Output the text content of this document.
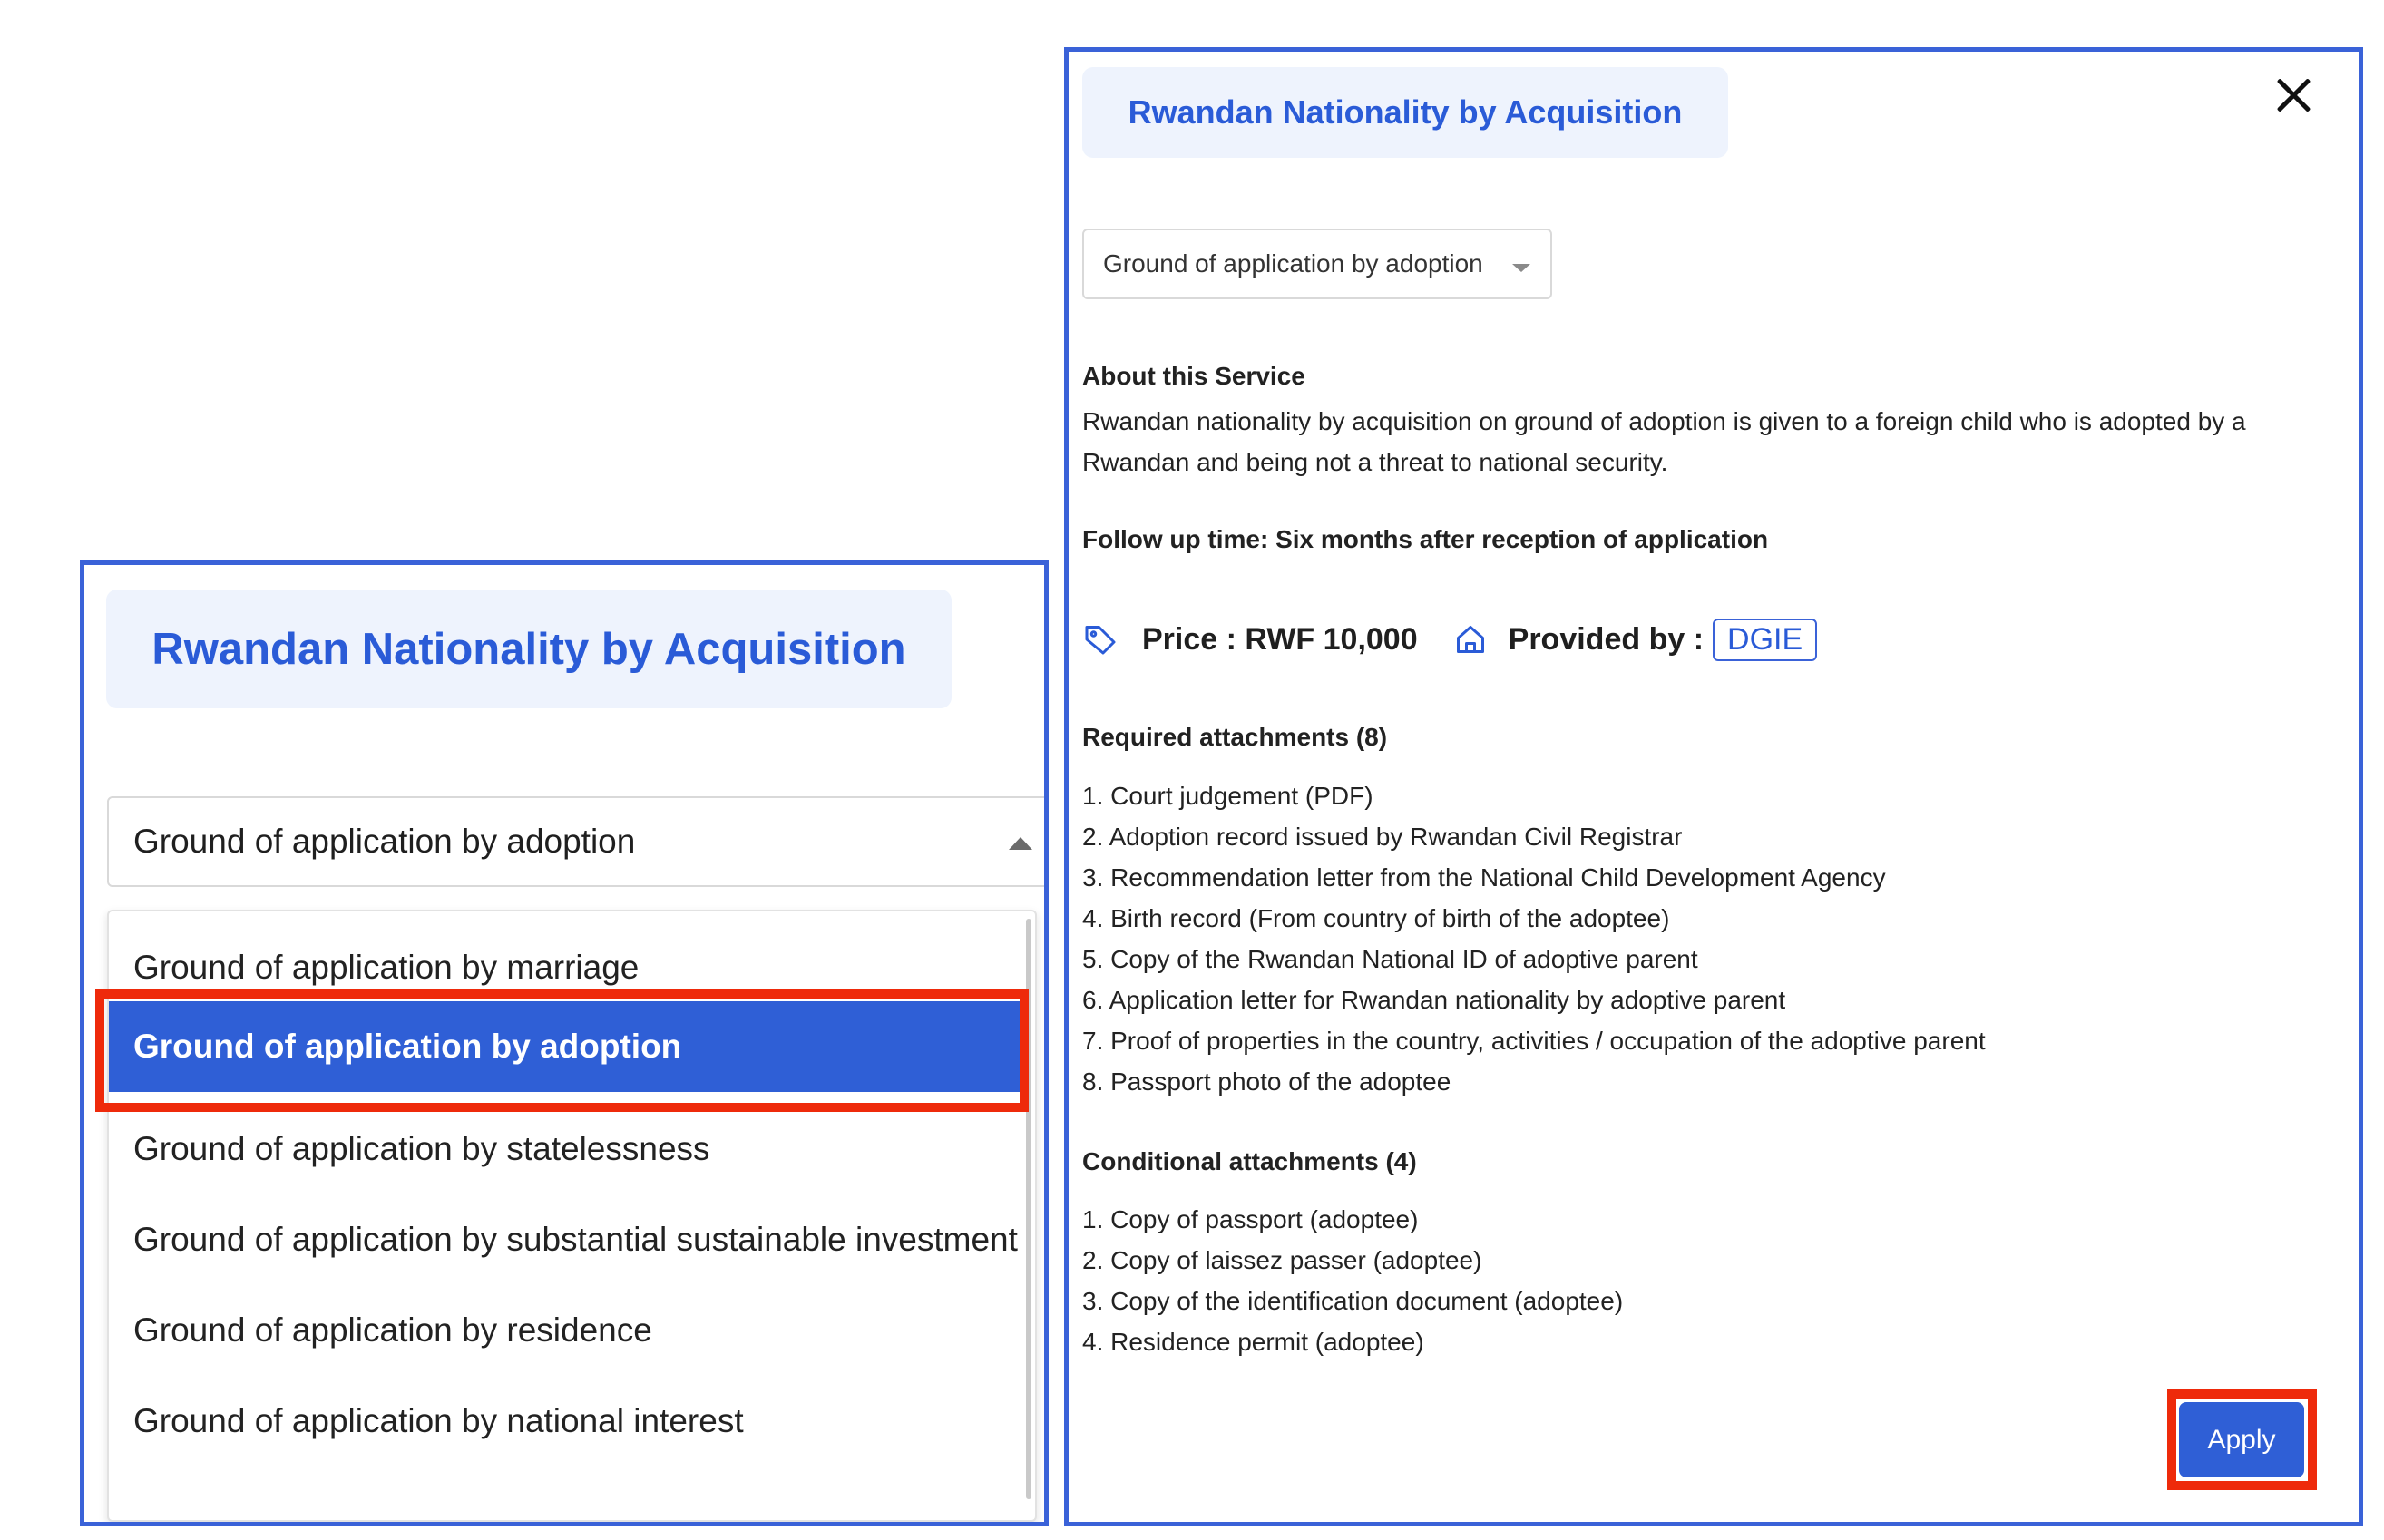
Rwandan Nationality by Acquisition
Ground of application by adoption
Ground of application by marriage
Ground of application by adoption
Ground of application by statelessness
Ground of application by substantial sustainable investment
Ground of application by residence
Ground of application by national interest
Rwandan Nationality by Acquisition
Ground of application by adoption
About this Service
Rwandan nationality by acquisition on ground of adoption is given to a foreign child who is adopted by a Rwandan and being not a threat to national security.
Follow up time: Six months after reception of application
Price : RWF 10,000	Provided by : DGIE
Required attachments (8)
1. Court judgement (PDF)
2. Adoption record issued by Rwandan Civil Registrar
3. Recommendation letter from the National Child Development Agency
4. Birth record (From country of birth of the adoptee)
5. Copy of the Rwandan National ID of adoptive parent
6. Application letter for Rwandan nationality by adoptive parent
7. Proof of properties in the country, activities / occupation of the adoptive parent
8. Passport photo of the adoptee
Conditional attachments (4)
1. Copy of passport (adoptee)
2. Copy of laissez passer (adoptee)
3. Copy of the identification document (adoptee)
4. Residence permit (adoptee)
Apply
